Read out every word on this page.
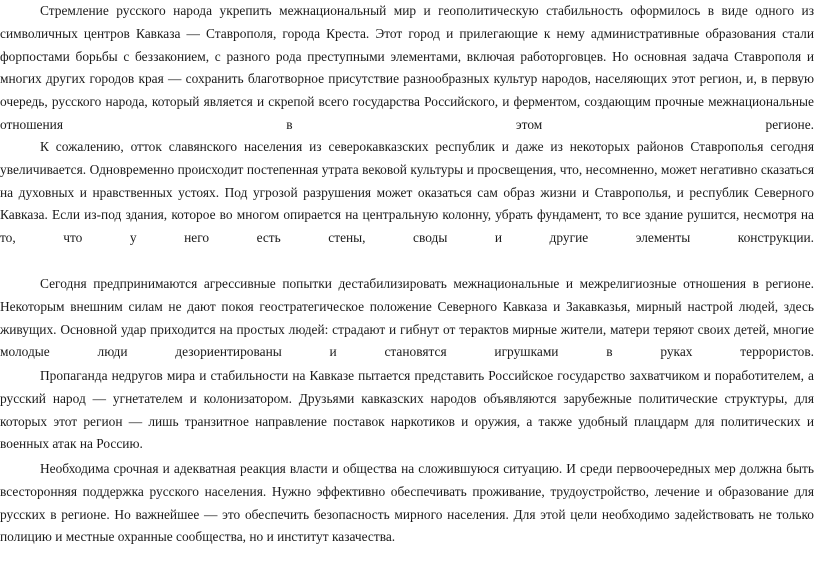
Стремление русского народа укрепить межнациональный мир и геополитическую стабильность оформилось в виде одного из символичных центров Кавказа — Ставрополя, города Креста. Этот город и прилегающие к нему административные образования стали форпостами борьбы с беззаконием, с разного рода преступными элементами, включая работорговцев. Но основная задача Ставрополя и многих других городов края — сохранить благотворное присутствие разнообразных культур народов, населяющих этот регион, и, в первую очередь, русского народа, который является и скрепой всего государства Российского, и ферментом, создающим прочные межнациональные отношения в этом регионе.

К сожалению, отток славянского населения из северокавказских республик и даже из некоторых районов Ставрополья сегодня увеличивается. Одновременно происходит постепенная утрата вековой культуры и просвещения, что, несомненно, может негативно сказаться на духовных и нравственных устоях. Под угрозой разрушения может оказаться сам образ жизни и Ставрополья, и республик Северного Кавказа. Если из-под здания, которое во многом опирается на центральную колонну, убрать фундамент, то все здание рушится, несмотря на то, что у него есть стены, своды и другие элементы конструкции.

Сегодня предпринимаются агрессивные попытки дестабилизировать межнациональные и межрелигиозные отношения в регионе. Некоторым внешним силам не дают покоя геостратегическое положение Северного Кавказа и Закавказья, мирный настрой людей, здесь живущих. Основной удар приходится на простых людей: страдают и гибнут от терактов мирные жители, матери теряют своих детей, многие молодые люди дезориентированы и становятся игрушками в руках террористов.

Пропаганда недругов мира и стабильности на Кавказе пытается представить Российское государство захватчиком и поработителем, а русский народ — угнетателем и колонизатором. Друзьями кавказских народов объявляются зарубежные политические структуры, для которых этот регион — лишь транзитное направление поставок наркотиков и оружия, а также удобный плацдарм для политических и военных атак на Россию.

Необходима срочная и адекватная реакция власти и общества на сложившуюся ситуацию. И среди первоочередных мер должна быть всесторонняя поддержка русского населения. Нужно эффективно обеспечивать проживание, трудоустройство, лечение и образование для русских в регионе. Но важнейшее — это обеспечить безопасность мирного населения. Для этой цели необходимо задействовать не только полицию и местные охранные сообщества, но и институт казачества.
